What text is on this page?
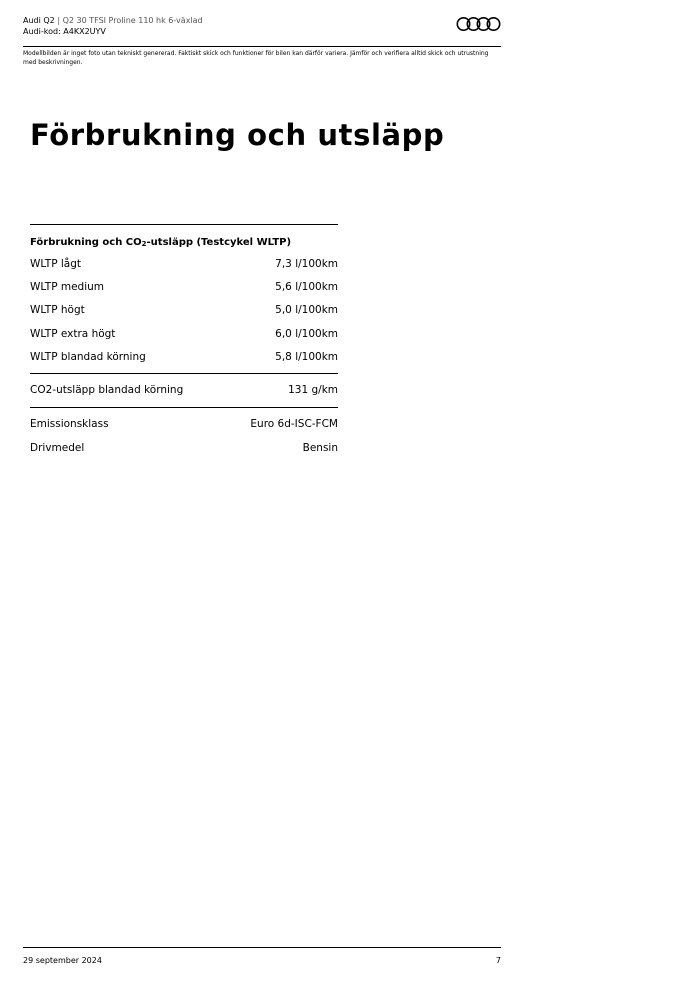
Audi Q2 | Q2 30 TFSI Proline 110 hk 6-växlad
Audi-kod: A4KX2UYV
Modellbilden är inget foto utan tekniskt genererad. Faktiskt skick och funktioner för bilen kan därför variera. Jämför och verifiera alltid skick och utrustning med beskrivningen.
Förbrukning och utsläpp
Förbrukning och $CO_2$-utsläpp (Testcykel WLTP)
WLTP lågt	7,3 l/100km
WLTP medium	5,6 l/100km
WLTP högt	5,0 l/100km
WLTP extra högt	6,0 l/100km
WLTP blandad körning	5,8 l/100km
CO2-utsläpp blandad körning	131 g/km
Emissionsklass	Euro 6d-ISC-FCM
Drivmedel	Bensin
29 september 2024	7
